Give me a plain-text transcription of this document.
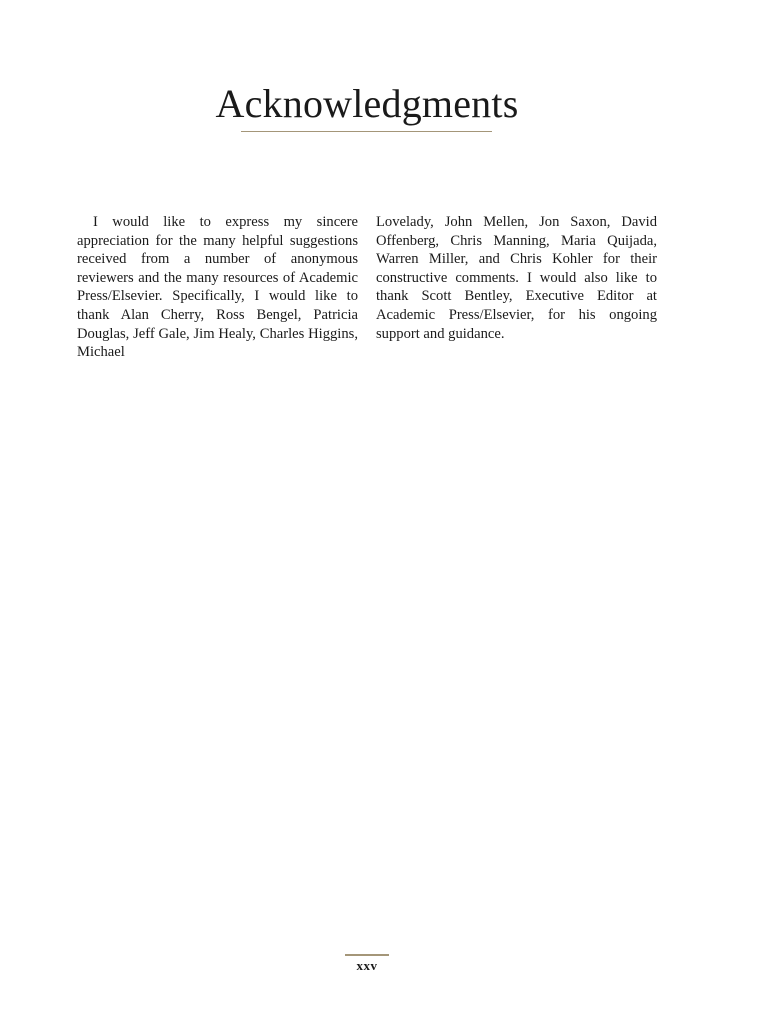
Acknowledgments

I would like to express my sincere appreciation for the many helpful suggestions received from a number of anonymous reviewers and the many resources of Academic Press/Elsevier. Specifically, I would like to thank Alan Cherry, Ross Bengel, Patricia Douglas, Jeff Gale, Jim Healy, Charles Higgins, Michael

Lovelady, John Mellen, Jon Saxon, David Offenberg, Chris Manning, Maria Quijada, Warren Miller, and Chris Kohler for their constructive comments. I would also like to thank Scott Bentley, Executive Editor at Academic Press/Elsevier, for his ongoing support and guidance.

xxv
